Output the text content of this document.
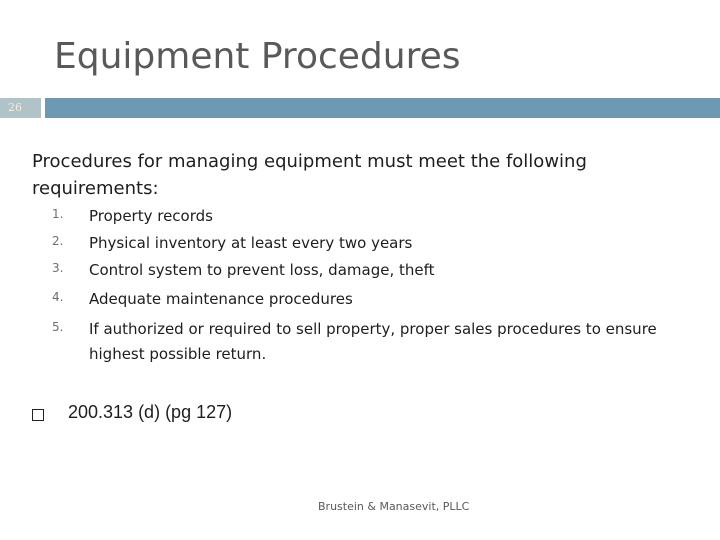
Equipment Procedures
26
Procedures for managing equipment must meet the following requirements:
1.	Property records
2.	Physical inventory at least every two years
3.	Control system to prevent loss, damage, theft
4.	Adequate maintenance procedures
5.	If authorized or required to sell property, proper sales procedures to ensure highest possible return.
200.313 (d) (pg 127)
Brustein & Manasevit, PLLC
